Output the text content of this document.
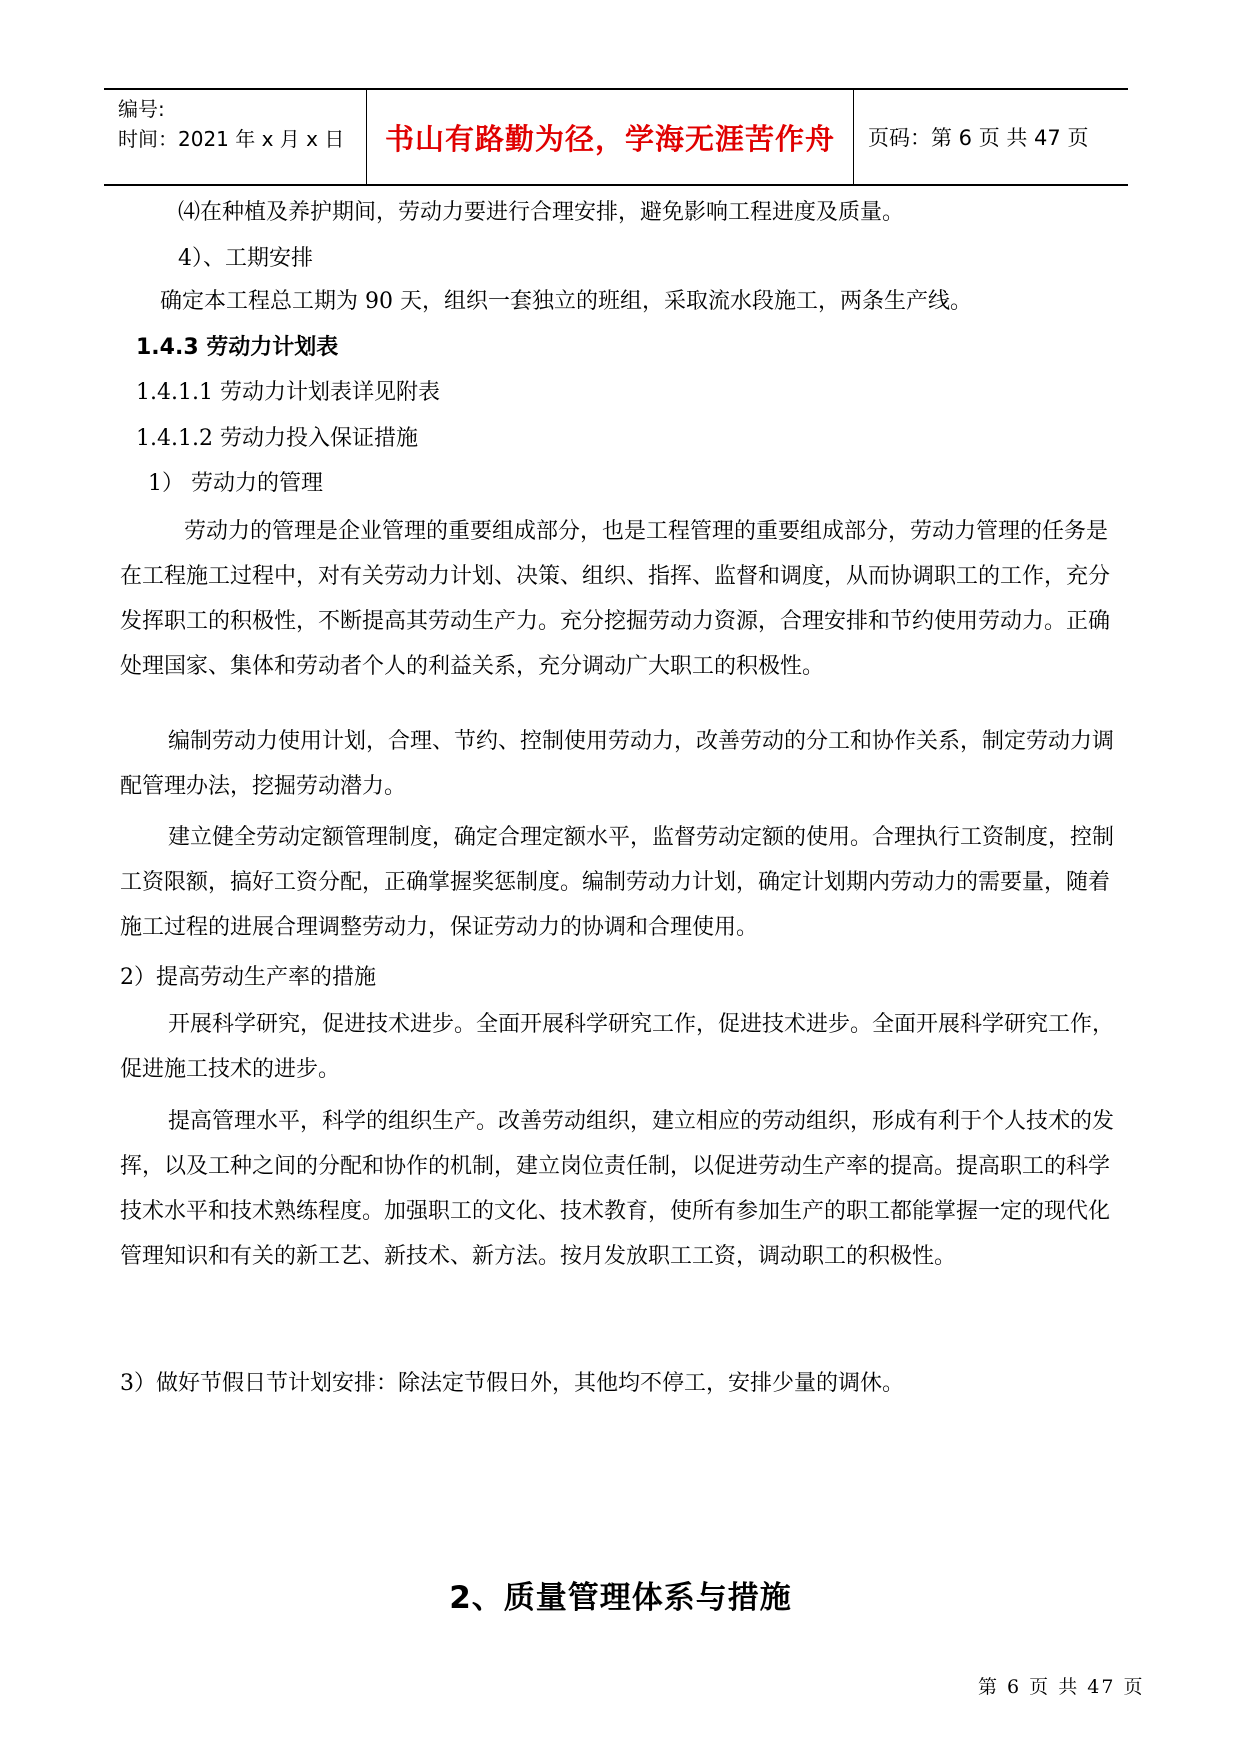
编号:
时间：2021 年 x 月 x 日	书山有路勤为径，学海无涯苦作舟 页码：第 6 页 共 47 页
⑷在种植及养护期间，劳动力要进行合理安排，避免影响工程进度及质量。
4）、工期安排
确定本工程总工期为 90 天，组织一套独立的班组，采取流水段施工，两条生产线。
1.4.3 劳动力计划表
1.4.1.1 劳动力计划表详见附表
1.4.1.2 劳动力投入保证措施
1） 劳动力的管理
劳动力的管理是企业管理的重要组成部分，也是工程管理的重要组成部分，劳动力管理的任务是在工程施工过程中，对有关劳动力计划、决策、组织、指挥、监督和调度，从而协调职工的工作，充分发挥职工的积极性，不断提高其劳动生产力。充分挖掘劳动力资源，合理安排和节约使用劳动力。正确处理国家、集体和劳动者个人的利益关系，充分调动广大职工的积极性。
编制劳动力使用计划，合理、节约、控制使用劳动力，改善劳动的分工和协作关系，制定劳动力调配管理办法，挖掘劳动潜力。
建立健全劳动定额管理制度，确定合理定额水平，监督劳动定额的使用。合理执行工资制度，控制工资限额，搞好工资分配，正确掌握奖惩制度。编制劳动力计划，确定计划期内劳动力的需要量，随着施工过程的进展合理调整劳动力，保证劳动力的协调和合理使用。
2）提高劳动生产率的措施
开展科学研究，促进技术进步。全面开展科学研究工作，促进技术进步。全面开展科学研究工作，促进施工技术的进步。
提高管理水平，科学的组织生产。改善劳动组织，建立相应的劳动组织，形成有利于个人技术的发挥，以及工种之间的分配和协作的机制，建立岗位责任制，以促进劳动生产率的提高。提高职工的科学技术水平和技术熟练程度。加强职工的文化、技术教育，使所有参加生产的职工都能掌握一定的现代化管理知识和有关的新工艺、新技术、新方法。按月发放职工工资，调动职工的积极性。
3）做好节假日节计划安排：除法定节假日外，其他均不停工，安排少量的调休。
2、质量管理体系与措施
第 6 页 共 47 页
